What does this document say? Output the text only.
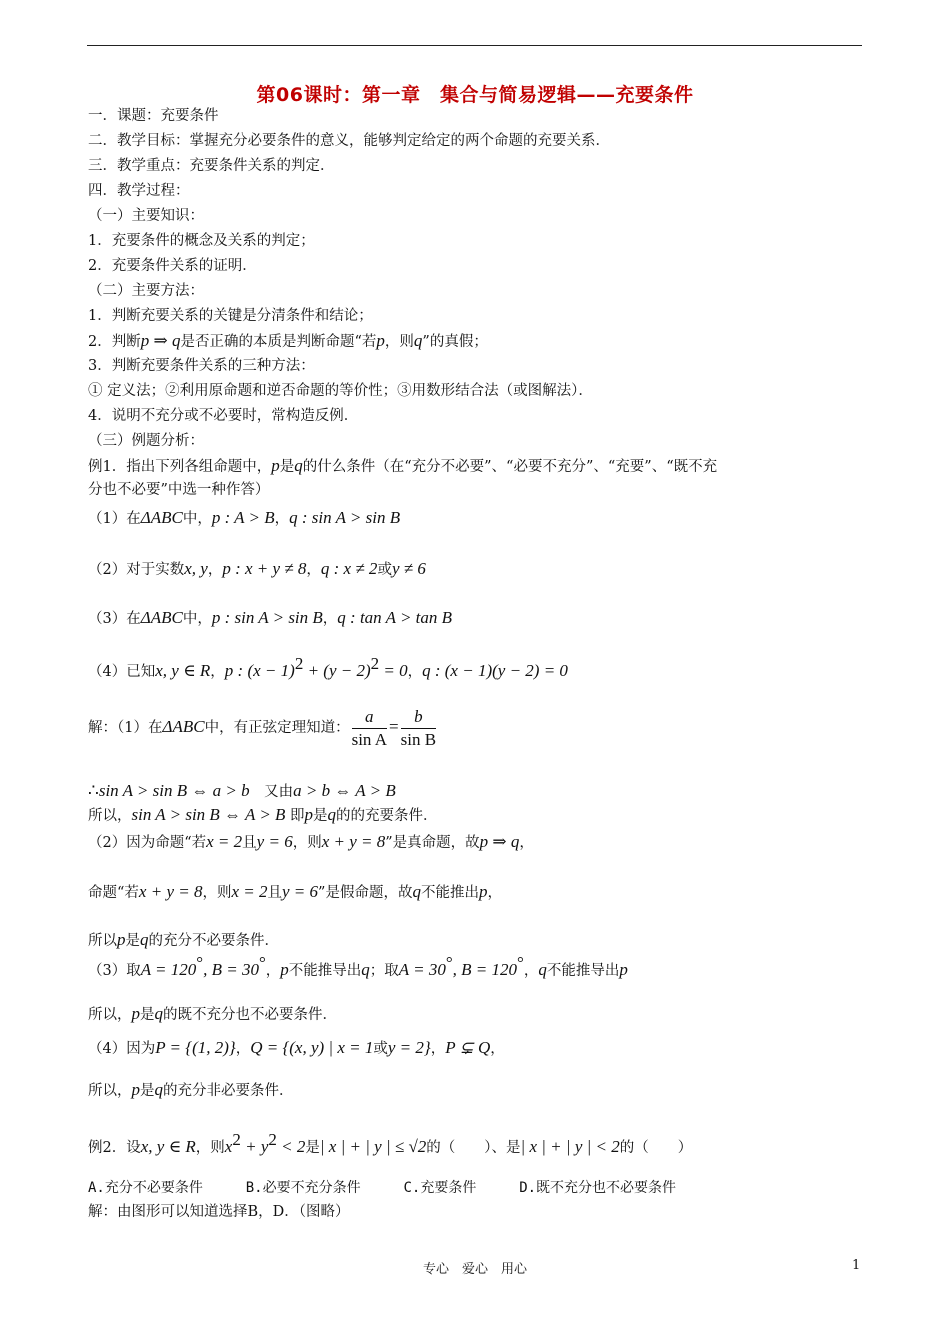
第06课时：第一章　集合与简易逻辑——充要条件
一．课题：充要条件
二．教学目标：掌握充分必要条件的意义，能够判定给定的两个命题的充要关系．
三．教学重点：充要条件关系的判定．
四．教学过程：
（一）主要知识：
1．充要条件的概念及关系的判定；
2．充要条件关系的证明．
（二）主要方法：
1．判断充要关系的关键是分清条件和结论；
2．判断p ⇒ q是否正确的本质是判断命题“若p，则q”的真假；
3．判断充要条件关系的三种方法：
① 定义法；②利用原命题和逆否命题的等价性；③用数形结合法（或图解法）．
4．说明不充分或不必要时，常构造反例．
（三）例题分析：
例1．指出下列各组命题中，p是q的什么条件（在“充分不必要”、“必要不充分”、“充要”、“既不充
分也不必要”中选一种作答）
（1）在ΔABC中，p : A > B，q : sin A > sin B
（2）对于实数x, y，p : x + y ≠ 8，q : x ≠ 2或y ≠ 6
（3）在ΔABC中，p : sin A > sin B，q : tan A > tan B
（4）已知x, y ∈ R，p : $(x - 1)^2 + (y - 2)^2 = 0$，q : (x − 1)(y − 2) = 0
解：（1）在ΔABC中，有正弦定理知道： $\frac{a}{\text{sin A}} = \frac{b}{\text{sin B}}$
∴sin A > sin B ⇔ a > b　又由a > b ⇔ A > B
所以，sin A > sin B ⇔ A > B 即p是q的的充要条件．
（2）因为命题“若x = 2且y = 6，则x + y = 8”是真命题，故p ⇒ q，
命题“若x + y = 8，则x = 2且y = 6”是假命题，故q不能推出p，
所以p是q的充分不必要条件．
（3）取A = 120°, B = 30°，p不能推导出q；取A = 30°, B = 120°，q不能推导出p
所以，p是q的既不充分也不必要条件．
（4）因为P = {(1, 2)}，Q = {(x, y) | x = 1或y = 2}，P ⊊ Q，
所以，p是q的充分非必要条件．
例2．设x, y ∈ R，则$x^2 + y^2 < 2$是| x | + | y | ≤ √2的（　　）、是| x | + | y | < 2的（　　）
A.充分不必要条件	B.必要不充分条件	C.充要条件	D.既不充分也不必要条件
解：由图形可以知道选择B，D．（图略）
专心　爱心　用心	1
